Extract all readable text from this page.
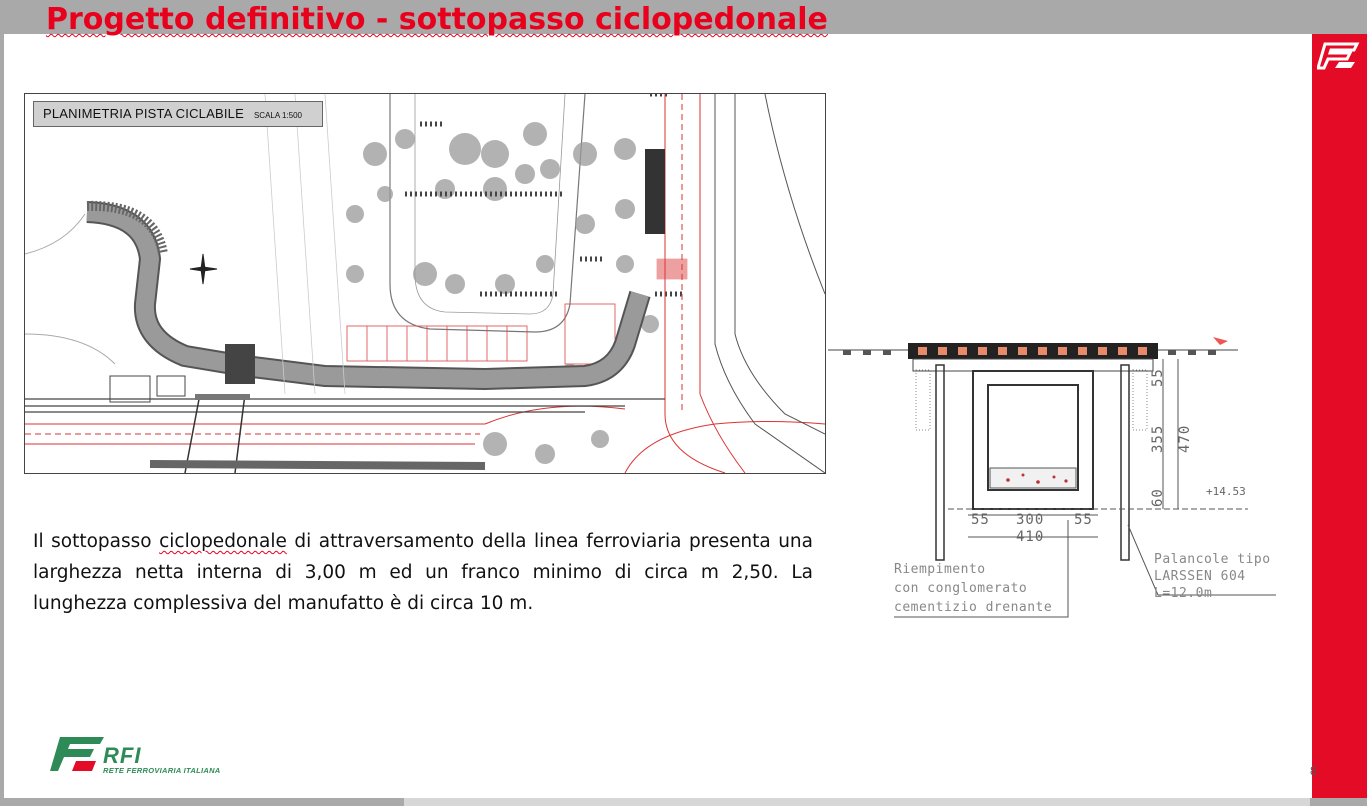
Progetto definitivo - sottopasso ciclopedonale
8
PLANIMETRIA PISTA CICLABILE SCALA 1:500
55 300 55
410
55
355 470
60	+14.53
Riempimento
con conglomerato
cementizio drenante
Palancole tipo
LARSSEN 604
L=12.0m
Il sottopasso ciclopedonale di attraversamento della linea ferroviaria presenta una larghezza netta interna di 3,00 m ed un franco minimo di circa m 2,50. La lunghezza complessiva del manufatto è di circa 10 m.
RFI
RETE FERROVIARIA ITALIANA
